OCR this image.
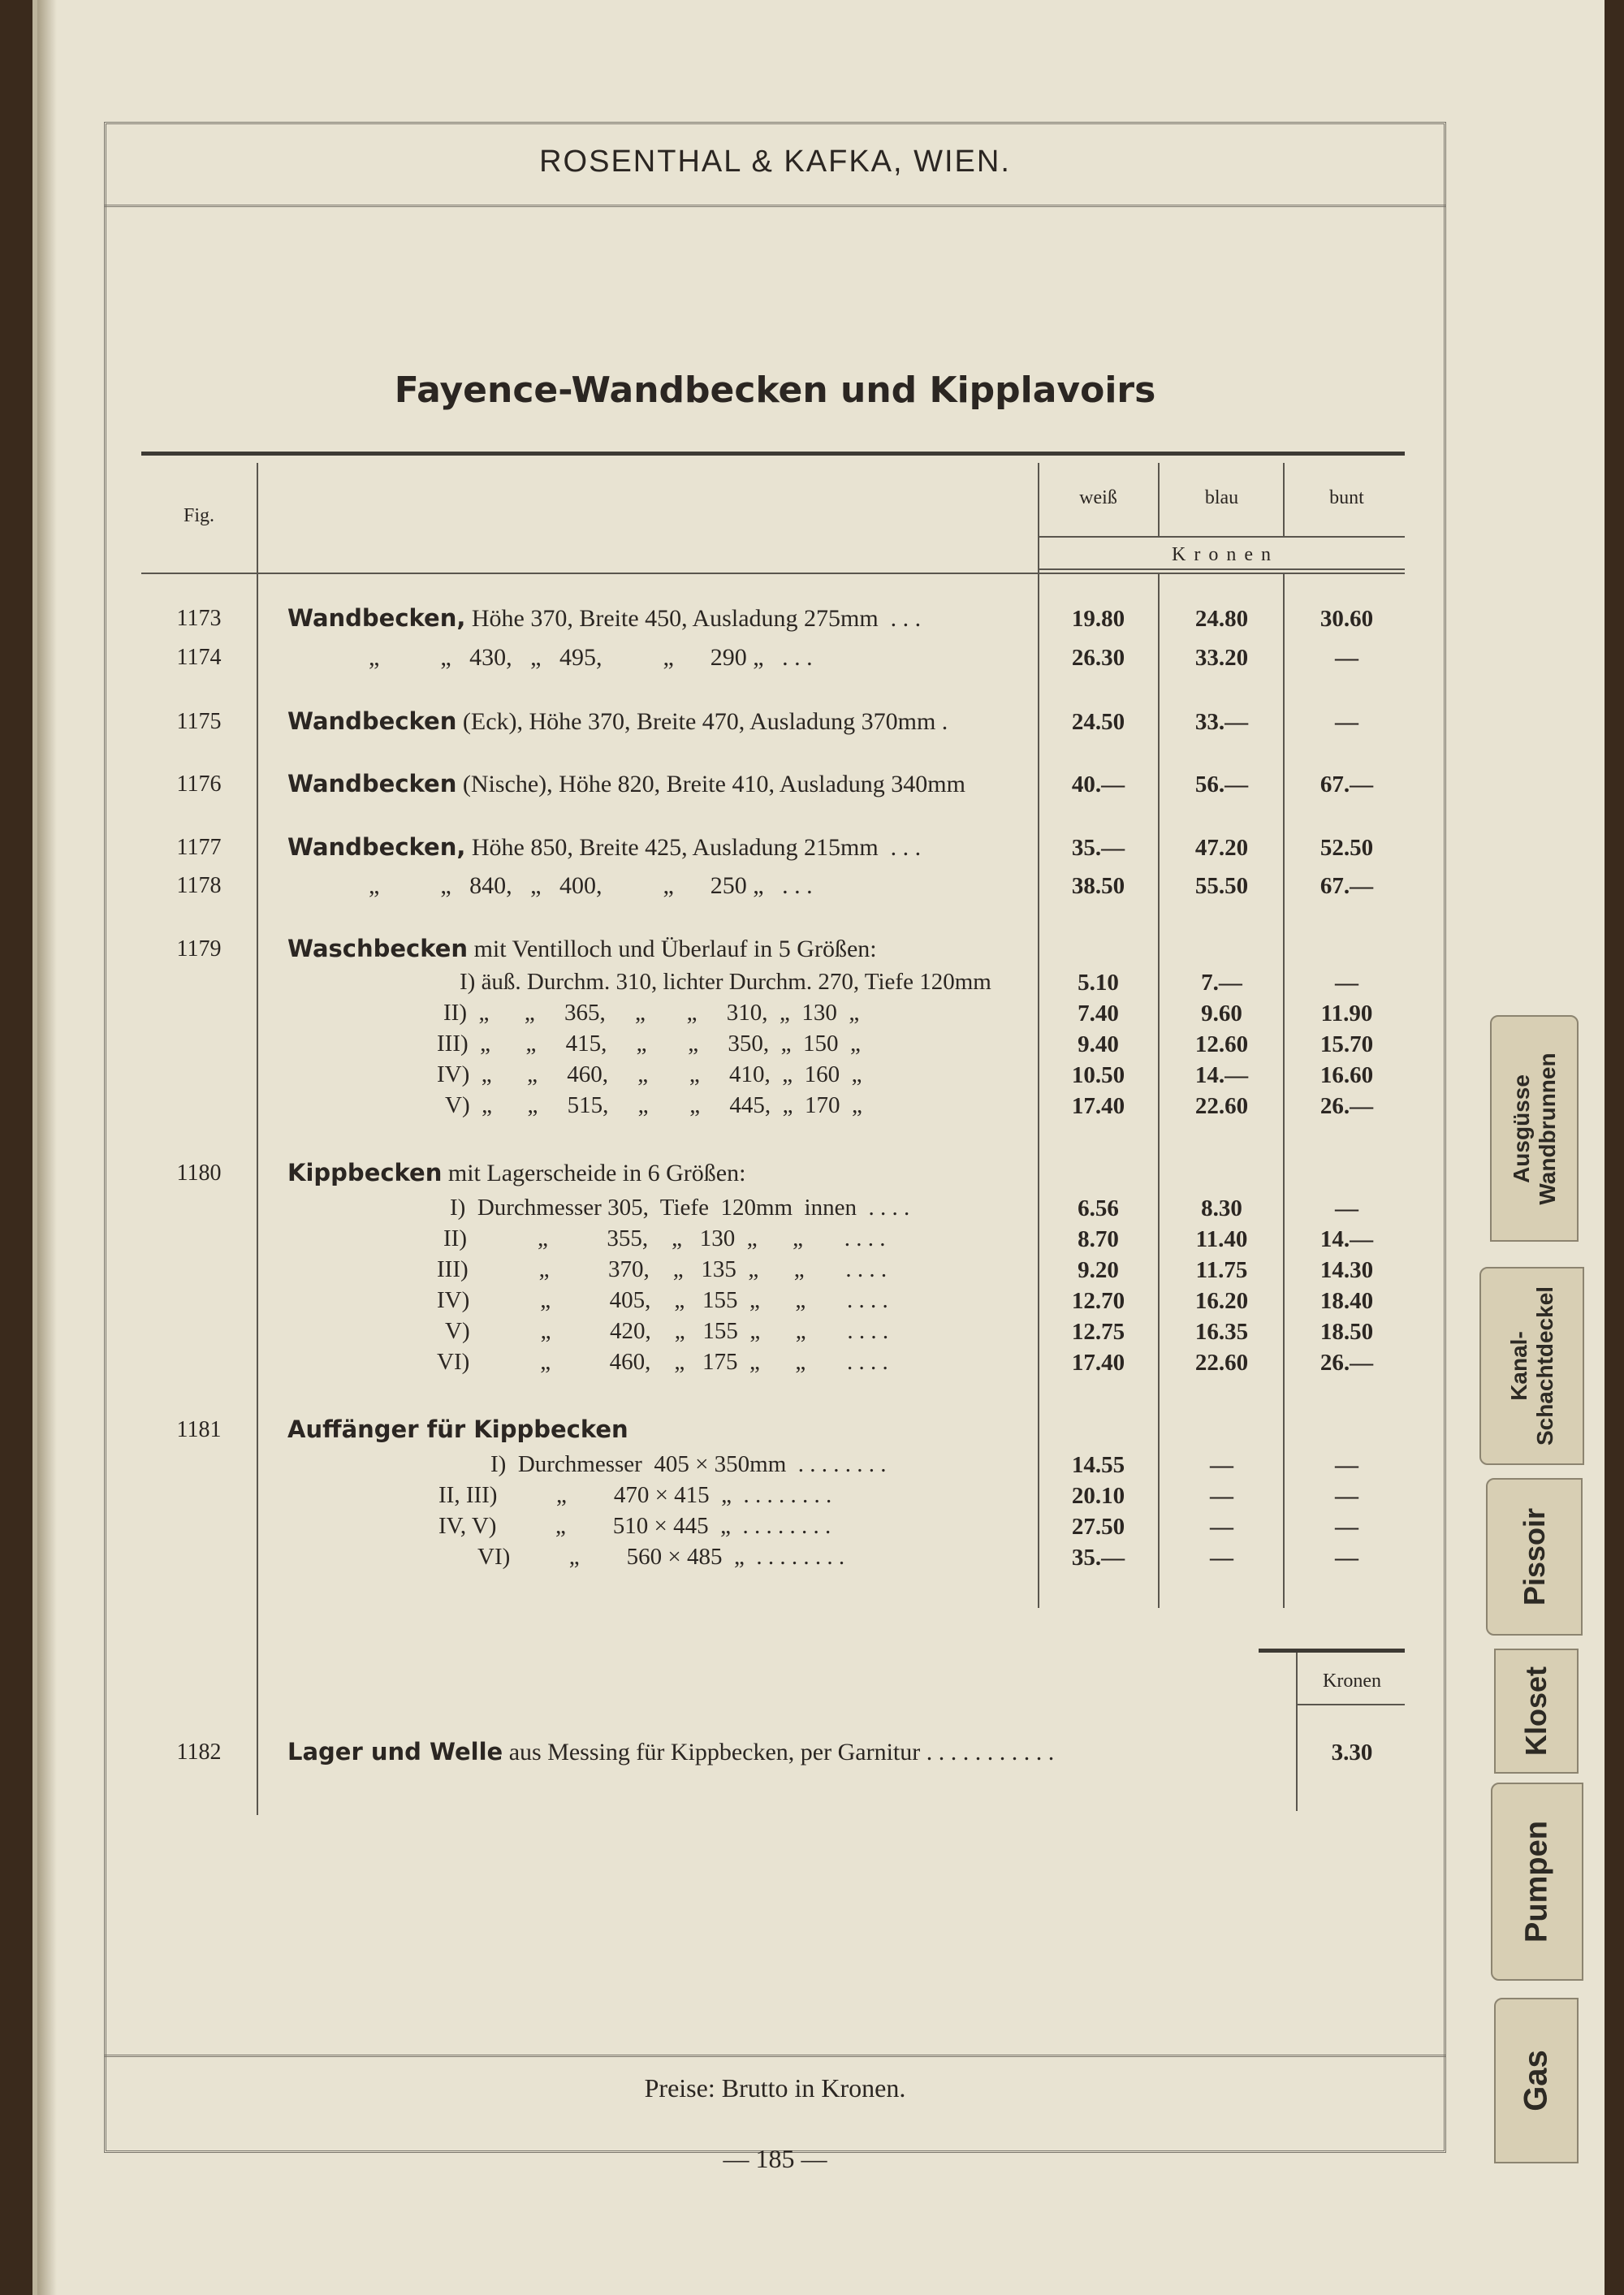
ROSENTHAL & KAFKA, WIEN.
Fayence-Wandbecken und Kipplavoirs
Fig.
weiß	blau	bunt
K r o n e n
1173	Wandbecken, Höhe 370, Breite 450, Ausladung 275mm  . . .	19.80	24.80	30.60
1174	„          „   430,   „   495,          „      290 „   . . .	26.30	33.20	—
1175	Wandbecken (Eck), Höhe 370, Breite 470, Ausladung 370mm .	24.50	33.—	—
1176	Wandbecken (Nische), Höhe 820, Breite 410, Ausladung 340mm	40.—	56.—	67.—
1177	Wandbecken, Höhe 850, Breite 425, Ausladung 215mm  . . .	35.—	47.20	52.50
1178	„          „   840,   „   400,          „      250 „   . . .	38.50	55.50	67.—
1179	Waschbecken mit Ventilloch und Überlauf in 5 Größen:
I) äuß. Durchm. 310, lichter Durchm. 270, Tiefe 120mm	5.10	7.—	—
II)  „      „     365,     „       „     310,  „  130  „	7.40	9.60	11.90
III)  „      „     415,     „       „     350,  „  150  „	9.40	12.60	15.70
IV)  „      „     460,     „       „     410,  „  160  „	10.50	14.—	16.60
V)  „      „     515,     „       „     445,  „  170  „	17.40	22.60	26.—
1180	Kippbecken mit Lagerscheide in 6 Größen:
I)  Durchmesser 305,  Tiefe  120mm  innen  . . . .	6.56	8.30	—
II)            „          355,    „   130  „      „       . . . .	8.70	11.40	14.—
III)            „          370,    „   135  „      „       . . . .	9.20	11.75	14.30
IV)            „          405,    „   155  „      „       . . . .	12.70	16.20	18.40
V)            „          420,    „   155  „      „       . . . .	12.75	16.35	18.50
VI)            „          460,    „   175  „      „       . . . .	17.40	22.60	26.—
1181	Auffänger für Kippbecken
I)  Durchmesser  405 × 350mm  . . . . . . . .	14.55	—	—
II, III)          „        470 × 415  „  . . . . . . . .	20.10	—	—
IV, V)          „        510 × 445  „  . . . . . . . .	27.50	—	—
VI)          „        560 × 485  „  . . . . . . . .	35.—	—	—
Kronen
1182	Lager und Welle aus Messing für Kippbecken, per Garnitur . . . . . . . . . . .	3.30
Preise: Brutto in Kronen.
— 185 —
Ausgüsse
Wandbrunnen
Kanal-
Schachtdeckel
Pissoir
Kloset
Pumpen
Gas
